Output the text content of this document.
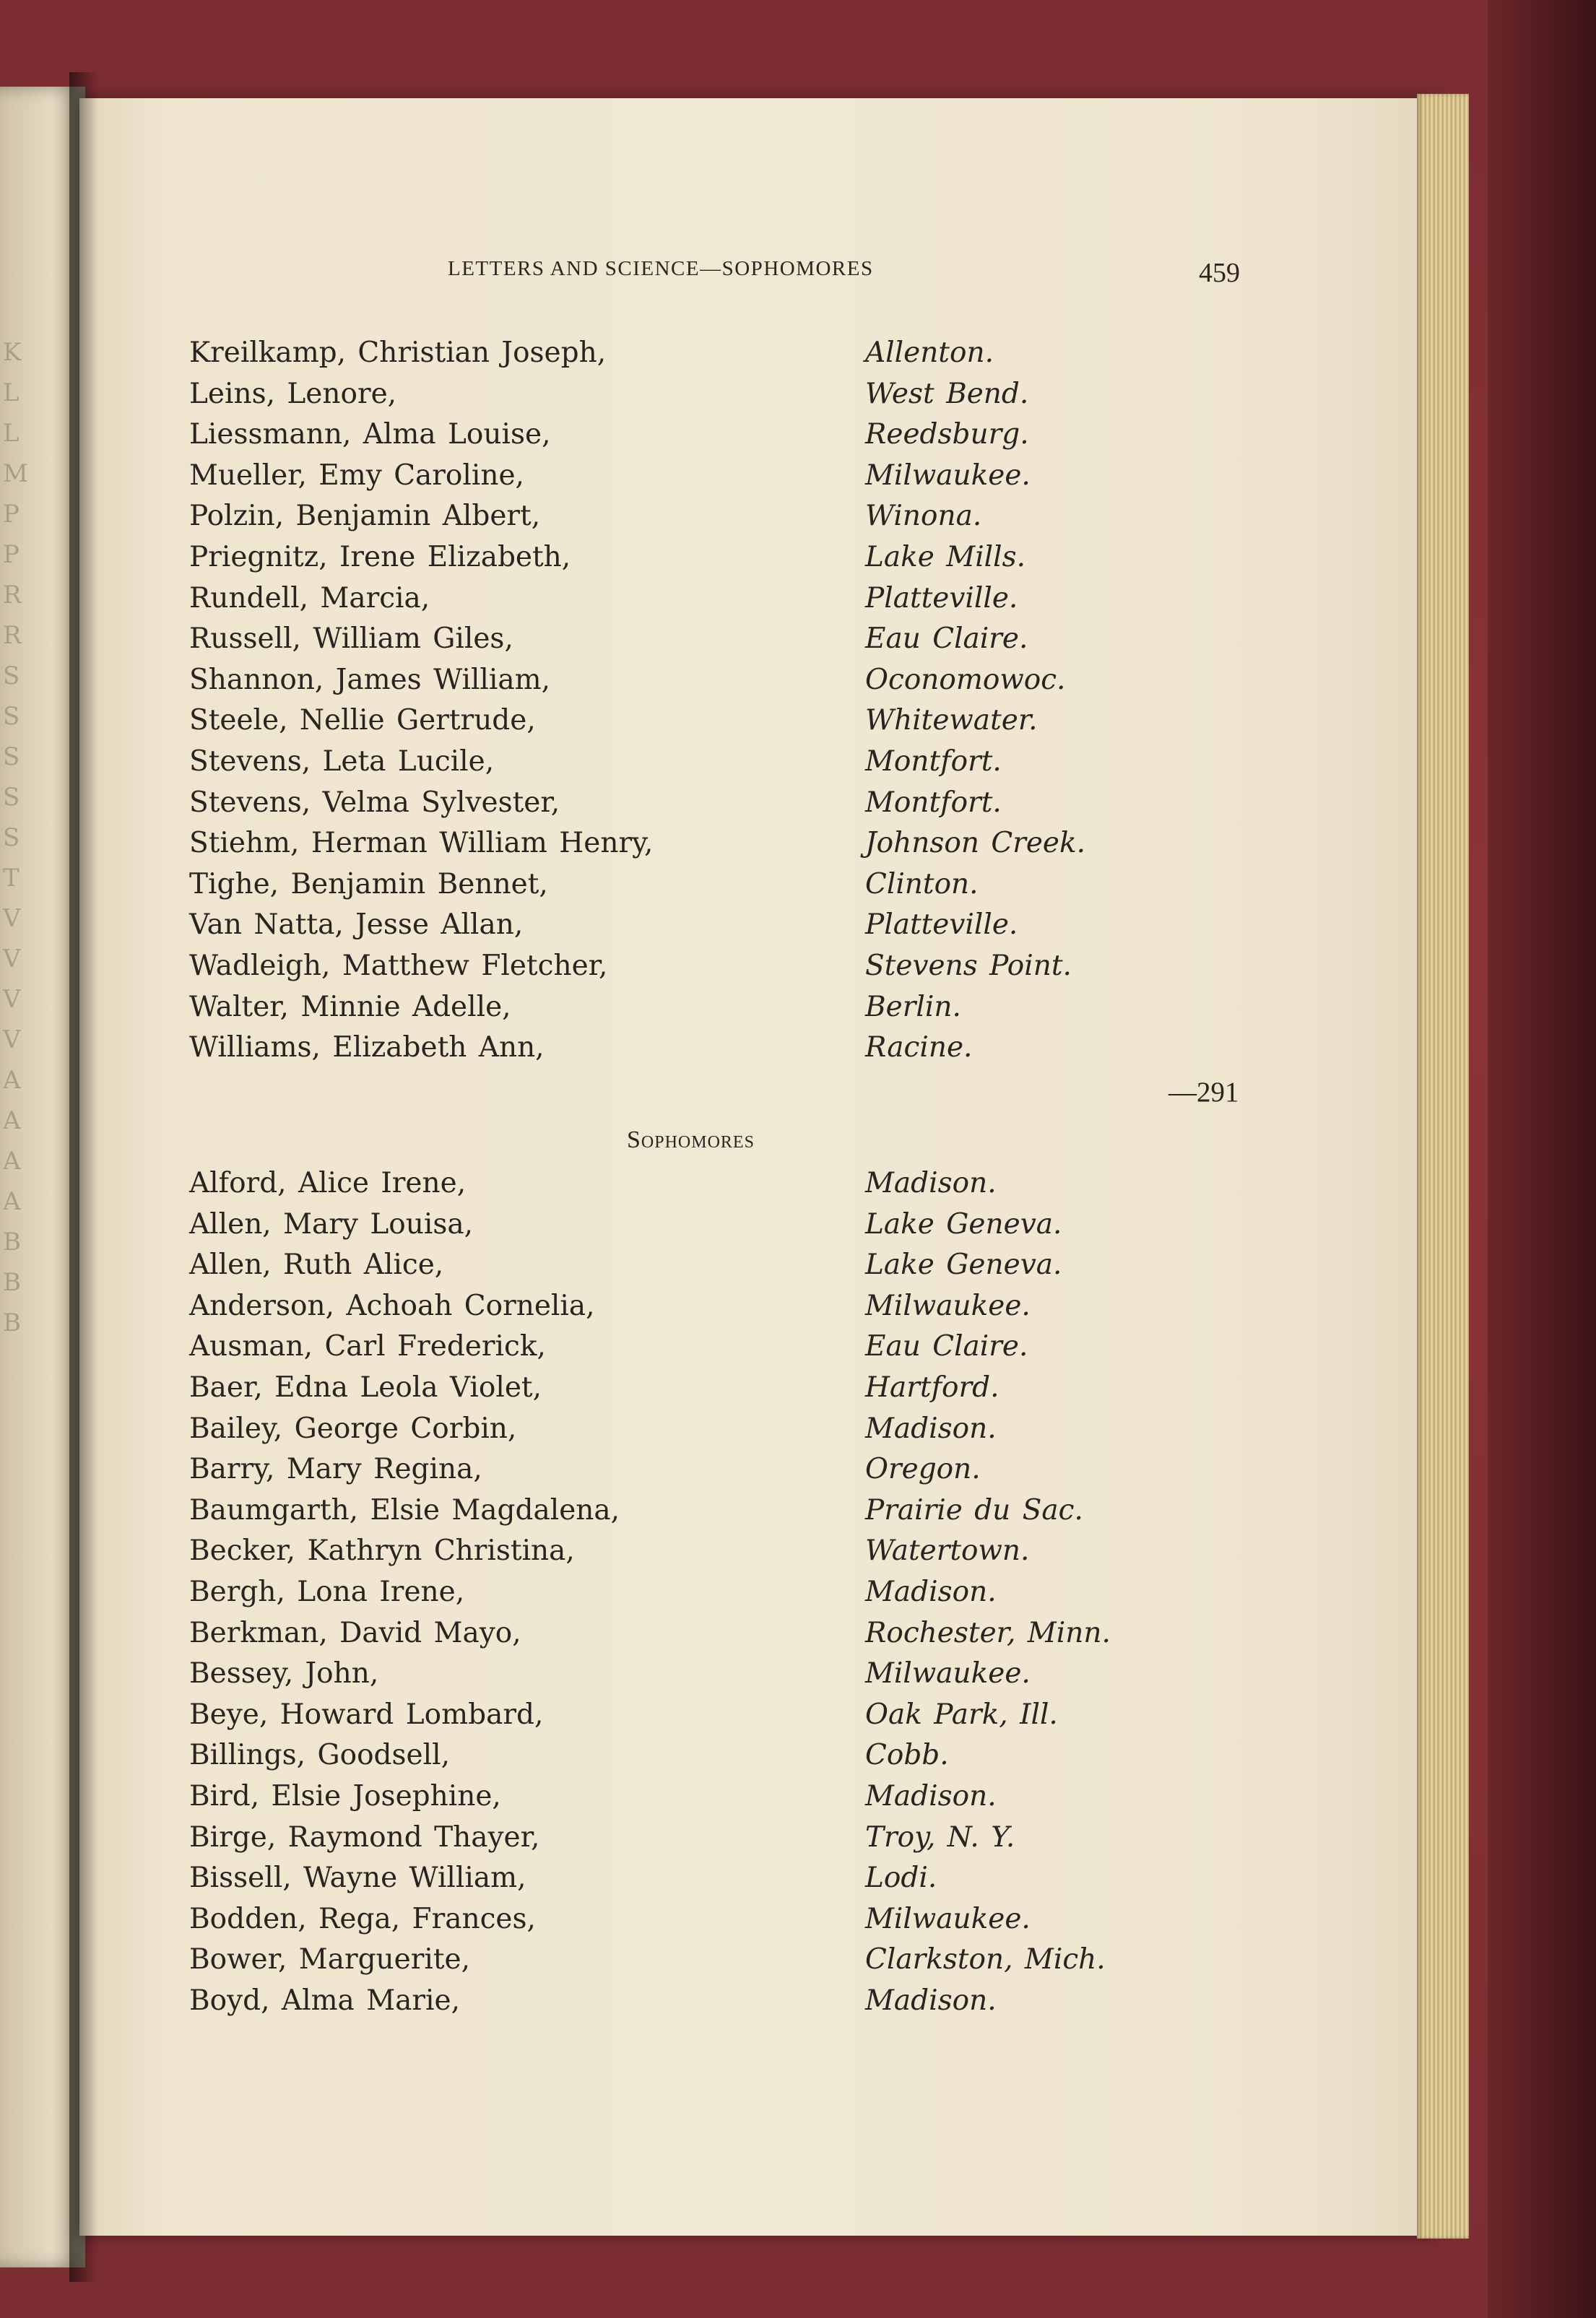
K
L
L
M
P
P
R
R
S
S
S
S
S
T
V
V
V
V
A
A
A
A
B
B
B
LETTERS AND SCIENCE—SOPHOMORES	459
Kreilkamp, Christian Joseph,	Allenton.
Leins, Lenore,	West Bend.
Liessmann, Alma Louise,	Reedsburg.
Mueller, Emy Caroline,	Milwaukee.
Polzin, Benjamin Albert,	Winona.
Priegnitz, Irene Elizabeth,	Lake Mills.
Rundell, Marcia,	Platteville.
Russell, William Giles,	Eau Claire.
Shannon, James William,	Oconomowoc.
Steele, Nellie Gertrude,	Whitewater.
Stevens, Leta Lucile,	Montfort.
Stevens, Velma Sylvester,	Montfort.
Stiehm, Herman William Henry,	Johnson Creek.
Tighe, Benjamin Bennet,	Clinton.
Van Natta, Jesse Allan,	Platteville.
Wadleigh, Matthew Fletcher,	Stevens Point.
Walter, Minnie Adelle,	Berlin.
Williams, Elizabeth Ann,	Racine.
Alford, Alice Irene,	Madison.
Allen, Mary Louisa,	Lake Geneva.
Allen, Ruth Alice,	Lake Geneva.
Anderson, Achoah Cornelia,	Milwaukee.
Ausman, Carl Frederick,	Eau Claire.
Baer, Edna Leola Violet,	Hartford.
Bailey, George Corbin,	Madison.
Barry, Mary Regina,	Oregon.
Baumgarth, Elsie Magdalena,	Prairie du Sac.
Becker, Kathryn Christina,	Watertown.
Bergh, Lona Irene,	Madison.
Berkman, David Mayo,	Rochester, Minn.
Bessey, John,	Milwaukee.
Beye, Howard Lombard,	Oak Park, Ill.
Billings, Goodsell,	Cobb.
Bird, Elsie Josephine,	Madison.
Birge, Raymond Thayer,	Troy, N. Y.
Bissell, Wayne William,	Lodi.
Bodden, Rega, Frances,	Milwaukee.
Bower, Marguerite,	Clarkston, Mich.
Boyd, Alma Marie,	Madison.
—291
Sophomores
